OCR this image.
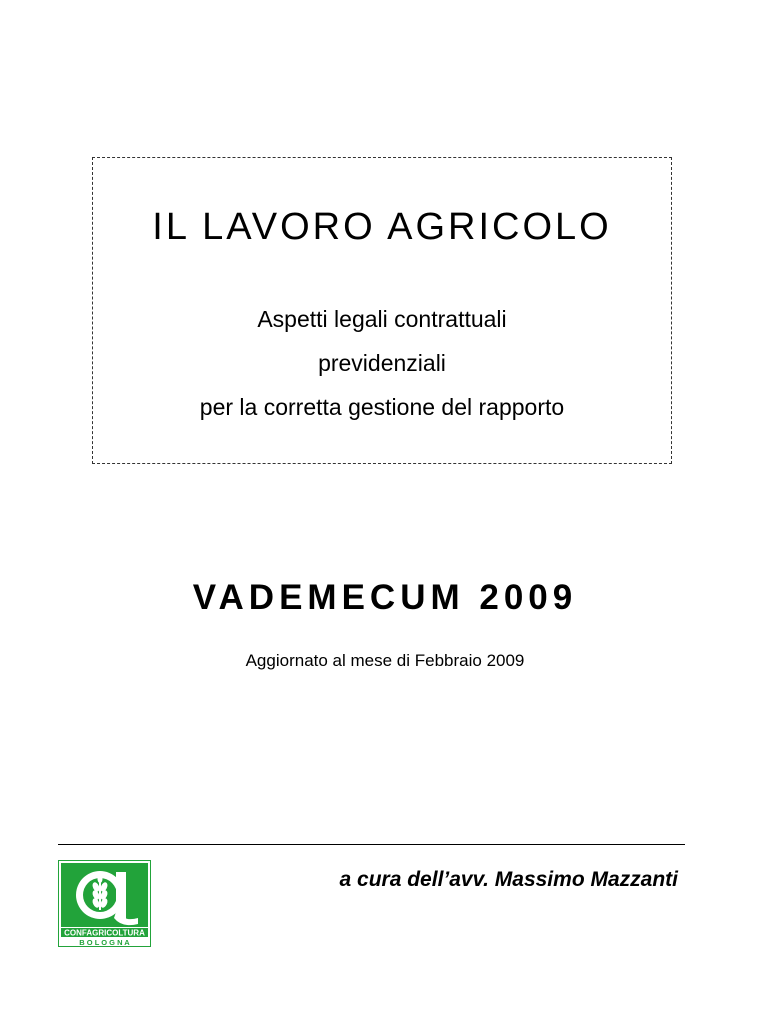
IL LAVORO AGRICOLO

Aspetti legali contrattuali

previdenziali

per la corretta gestione del rapporto

VADEMECUM 2009

Aggiornato al mese di Febbraio 2009

CONFAGRICOLTURA
B O L O G N A

a cura dell’avv. Massimo Mazzanti
